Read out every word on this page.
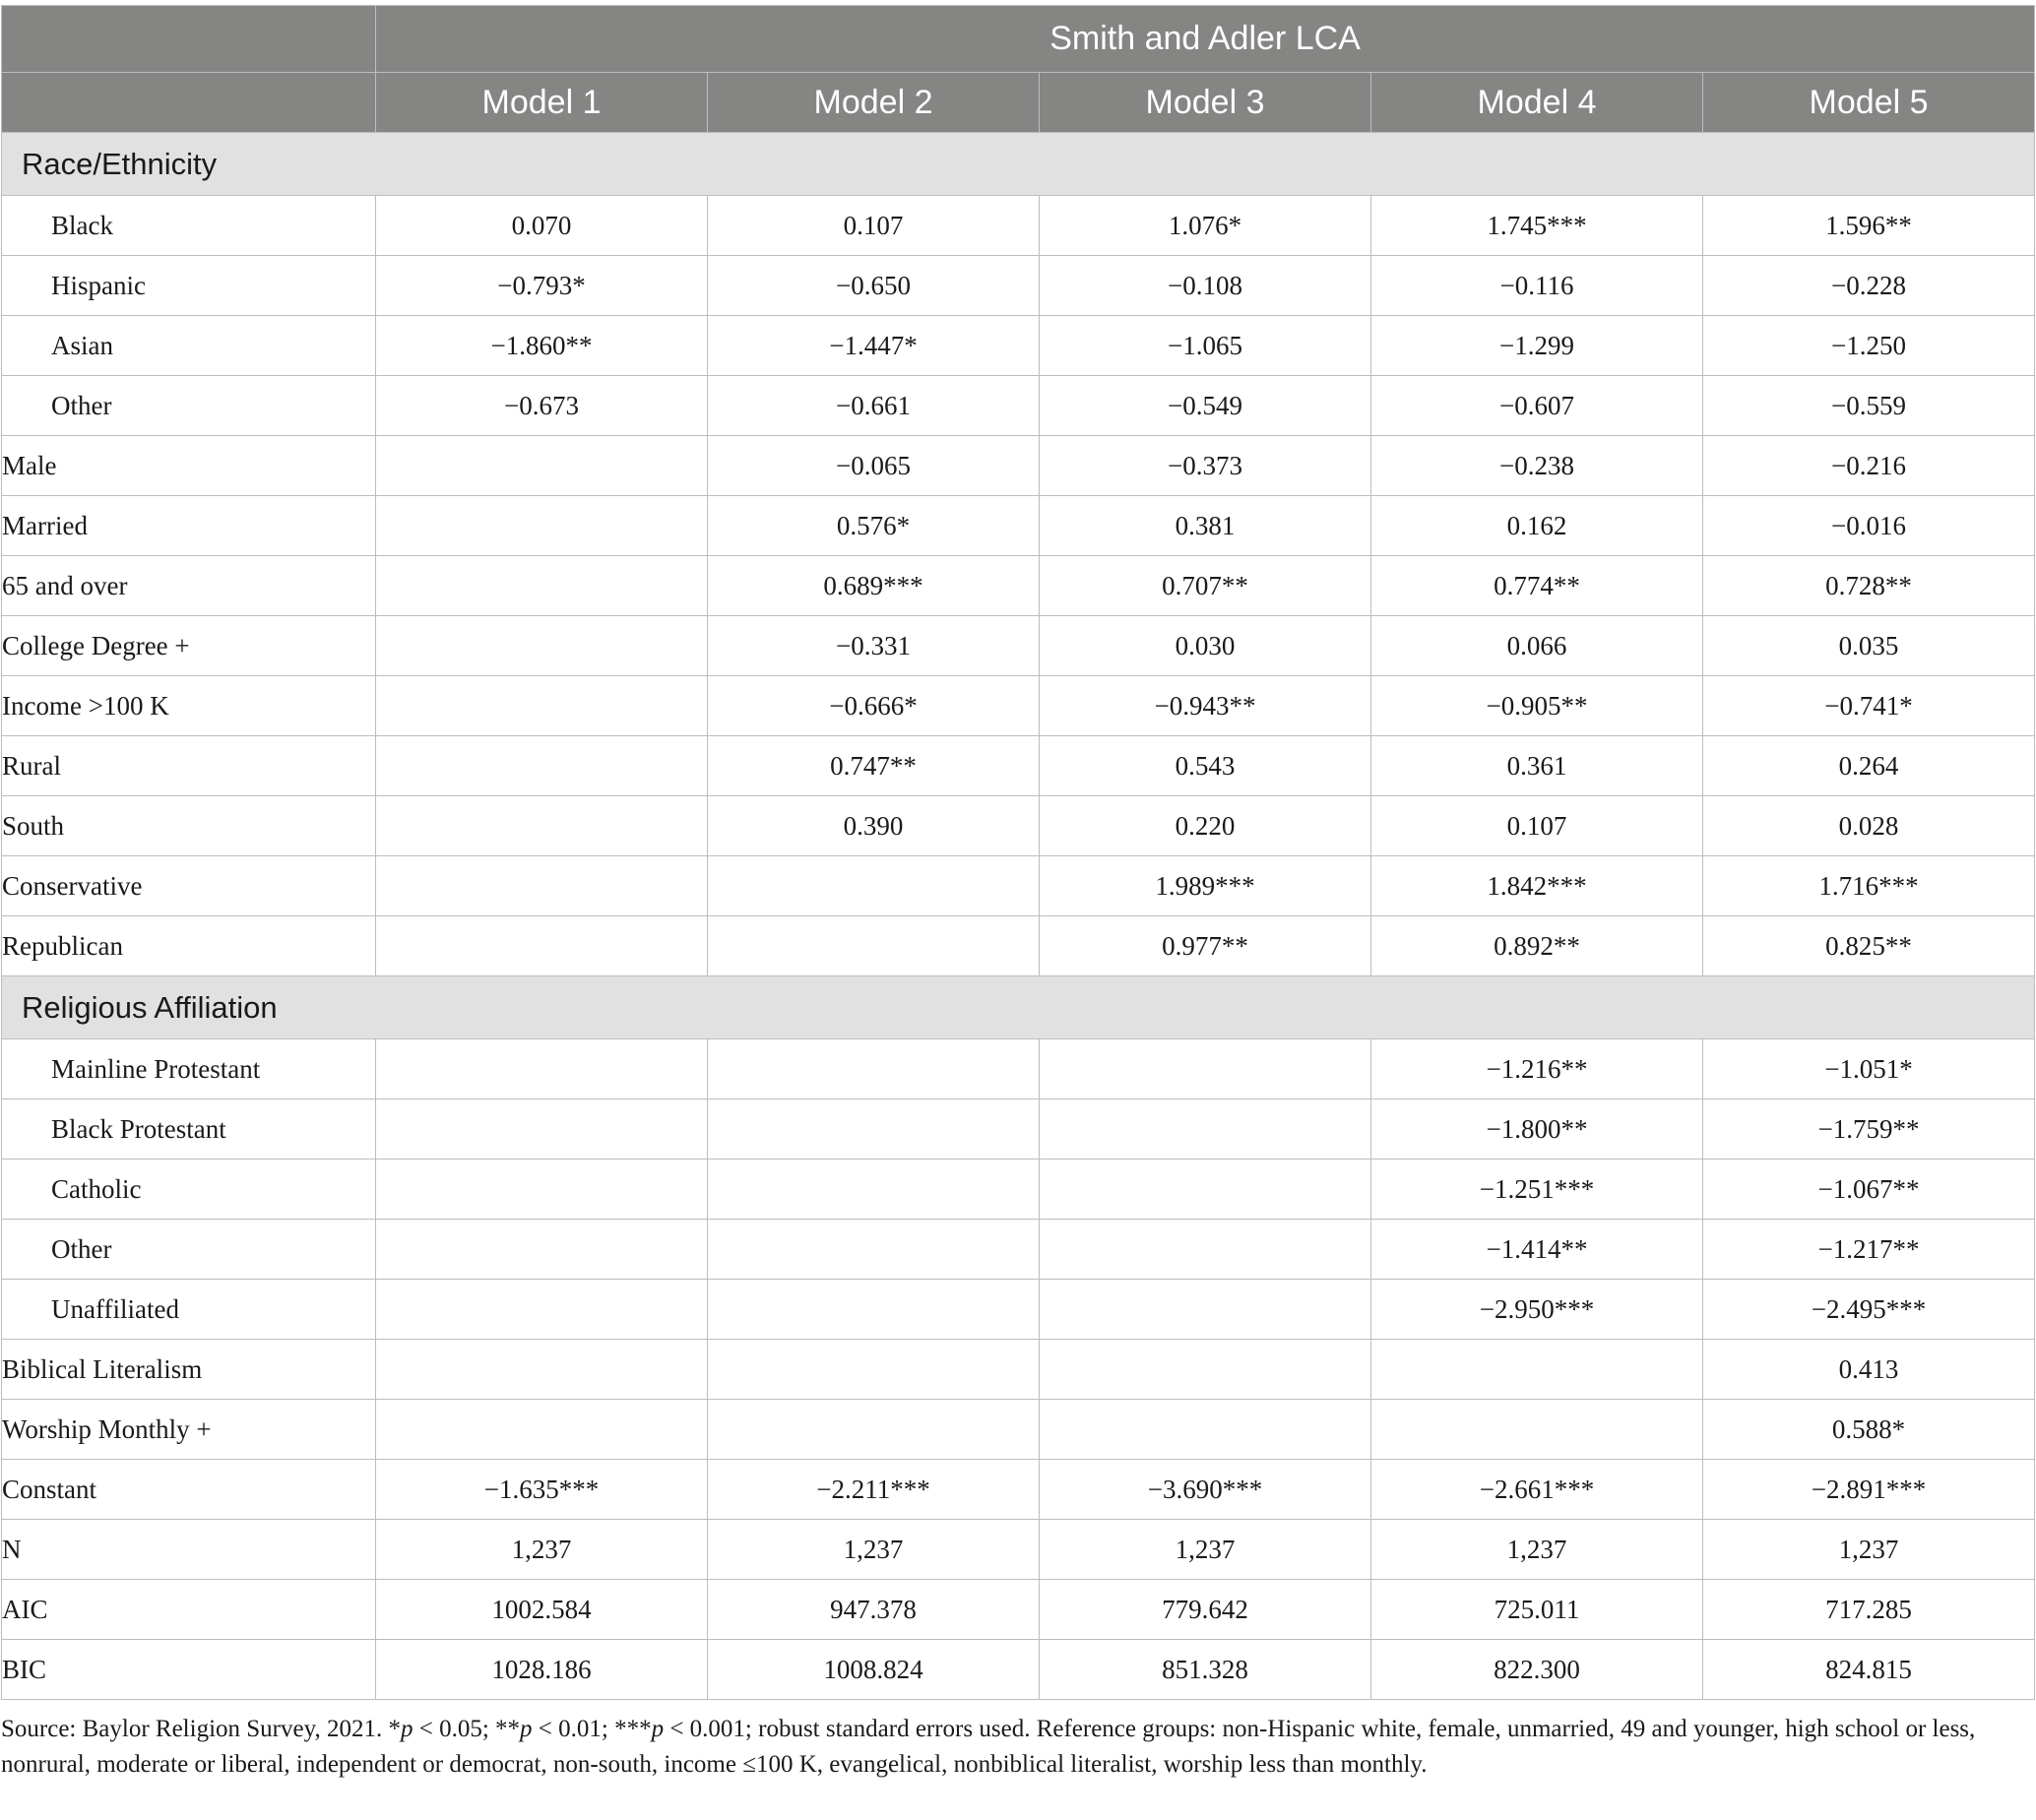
	Smith and Adler LCA				
	Model 1	Model 2	Model 3	Model 4	Model 5
Race/Ethnicity					
Black	0.070	0.107	1.076*	1.745***	1.596**
Hispanic	−0.793*	−0.650	−0.108	−0.116	−0.228
Asian	−1.860**	−1.447*	−1.065	−1.299	−1.250
Other	−0.673	−0.661	−0.549	−0.607	−0.559
Male		−0.065	−0.373	−0.238	−0.216
Married		0.576*	0.381	0.162	−0.016
65 and over		0.689***	0.707**	0.774**	0.728**
College Degree +		−0.331	0.030	0.066	0.035
Income >100 K		−0.666*	−0.943**	−0.905**	−0.741*
Rural		0.747**	0.543	0.361	0.264
South		0.390	0.220	0.107	0.028
Conservative			1.989***	1.842***	1.716***
Republican			0.977**	0.892**	0.825**
Religious Affiliation					
Mainline Protestant				−1.216**	−1.051*
Black Protestant				−1.800**	−1.759**
Catholic				−1.251***	−1.067**
Other				−1.414**	−1.217**
Unaffiliated				−2.950***	−2.495***
Biblical Literalism					0.413
Worship Monthly +					0.588*
Constant	−1.635***	−2.211***	−3.690***	−2.661***	−2.891***
N	1,237	1,237	1,237	1,237	1,237
AIC	1002.584	947.378	779.642	725.011	717.285
BIC	1028.186	1008.824	851.328	822.300	824.815

Source: Baylor Religion Survey, 2021. *p < 0.05; **p < 0.01; ***p < 0.001; robust standard errors used. Reference groups: non-Hispanic white, female, unmarried, 49 and younger, high school or less, nonrural, moderate or liberal, independent or democrat, non-south, income ≤100 K, evangelical, nonbiblical literalist, worship less than monthly.
